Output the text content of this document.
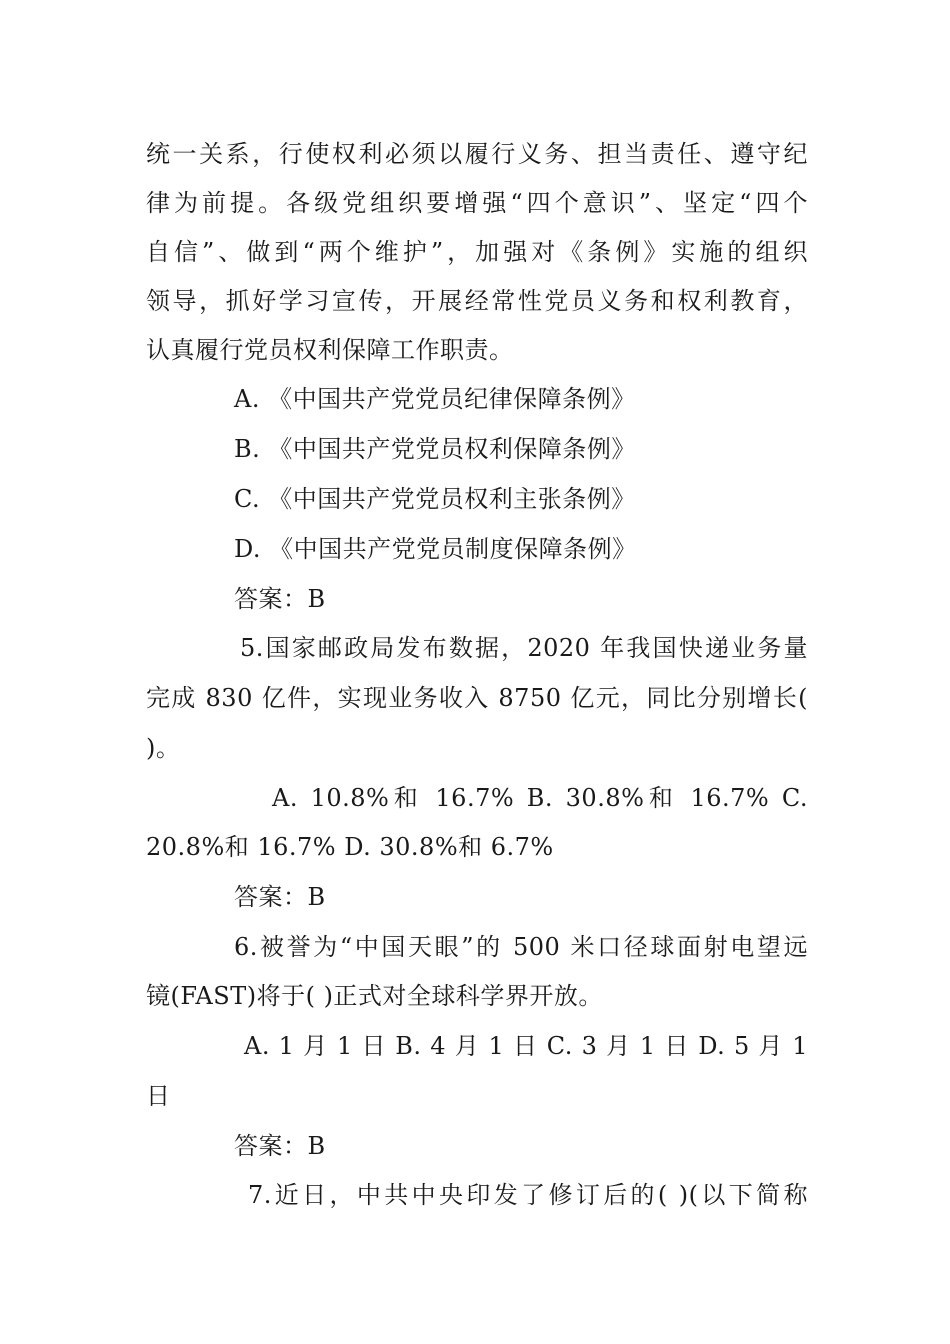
统一关系，行使权利必须以履行义务、担当责任、遵守纪
律为前提。各级党组织要增强“四个意识”、坚定“四个
自信”、做到“两个维护”，加强对《条例》实施的组织
领导，抓好学习宣传，开展经常性党员义务和权利教育，
认真履行党员权利保障工作职责。
A. 《中国共产党党员纪律保障条例》
B. 《中国共产党党员权利保障条例》
C. 《中国共产党党员权利主张条例》
D. 《中国共产党党员制度保障条例》
答案：B
5.国家邮政局发布数据，2020 年我国快递业务量
完成 830 亿件，实现业务收入 8750 亿元，同比分别增长(
)。
A. 10.8%和 16.7% B. 30.8%和 16.7% C.
20.8%和 16.7% D. 30.8%和 6.7%
答案：B
6.被誉为“中国天眼”的 500 米口径球面射电望远
镜(FAST)将于( )正式对全球科学界开放。
A. 1 月 1 日 B. 4 月 1 日 C. 3 月 1 日 D. 5 月 1
日
答案：B
7.近日，中共中央印发了修订后的( )(以下简称
